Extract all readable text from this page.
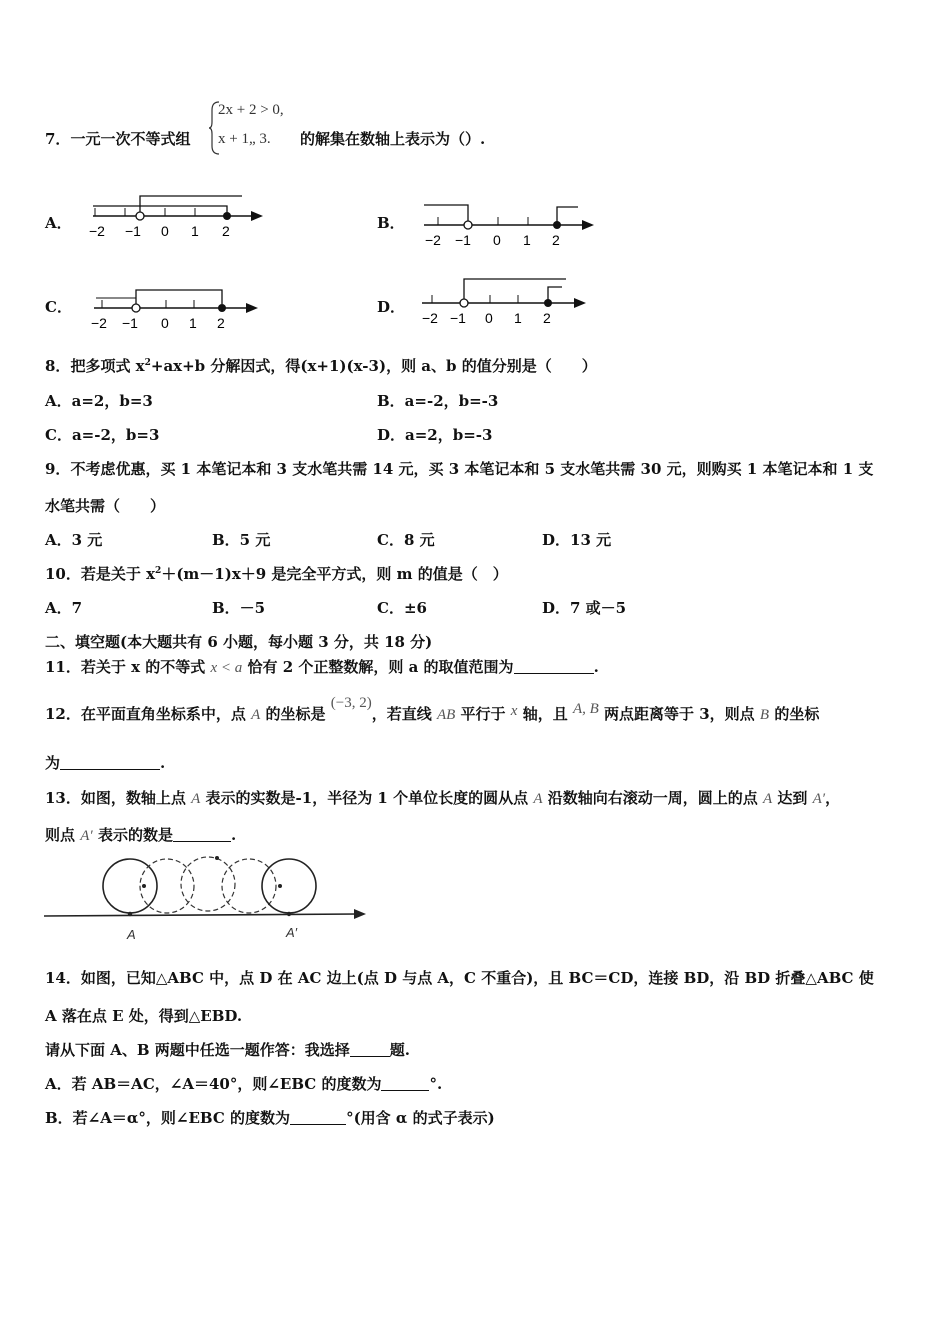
7．一元一次不等式组
2x + 2 > 0,
x + 1„ 3. 的解集在数轴上表示为（）.
A． −2 −1 0 1 2	B．
−2 −1 0 1 2
C．
−2 −1 0 1 2
D．
−2 −1 0 1 2
8．把多项式 $x^2+ax+b$ 分解因式，得(x+1)(x-3)，则 a、b 的值分别是（　　）
A．a=2，b=3	B．a=-2，b=-3
C．a=-2，b=3	D．a=2，b=-3
9．不考虑优惠，买 1 本笔记本和 3 支水笔共需 14 元，买 3 本笔记本和 5 支水笔共需 30 元，则购买 1 本笔记本和 1 支
水笔共需（　　）
A．3 元	B．5 元	C．8 元	D．13 元
10．若是关于 $x^2+(m-1)x+9$ 是完全平方式，则 m 的值是（　）
A．7	B．－5	C．±6	D．7 或－5
二、填空题(本大题共有 6 小题，每小题 3 分，共 18 分)
11．若关于 x 的不等式 x < a 恰有 2 个正整数解，则 a 的取值范围为	.
12．在平面直角坐标系中，点 A 的坐标是 (−3, 2)，若直线 AB 平行于 x 轴，且 A, B 两点距离等于 3，则点 B 的坐标
为	.
13．如图，数轴上点 A 表示的实数是-1，半径为 1 个单位长度的圆从点 A 沿数轴向右滚动一周，圆上的点 A 达到 A′，
则点 A′ 表示的数是	.
A	A′
14．如图，已知△ABC 中，点 D 在 AC 边上(点 D 与点 A，C 不重合)，且 BC＝CD，连接 BD，沿 BD 折叠△ABC 使
A 落在点 E 处，得到△EBD.
请从下面 A、B 两题中任选一题作答：我选择	题.
A．若 AB＝AC，∠A＝40°，则∠EBC 的度数为	°.
B．若∠A＝α°，则∠EBC 的度数为	°(用含 α 的式子表示)
